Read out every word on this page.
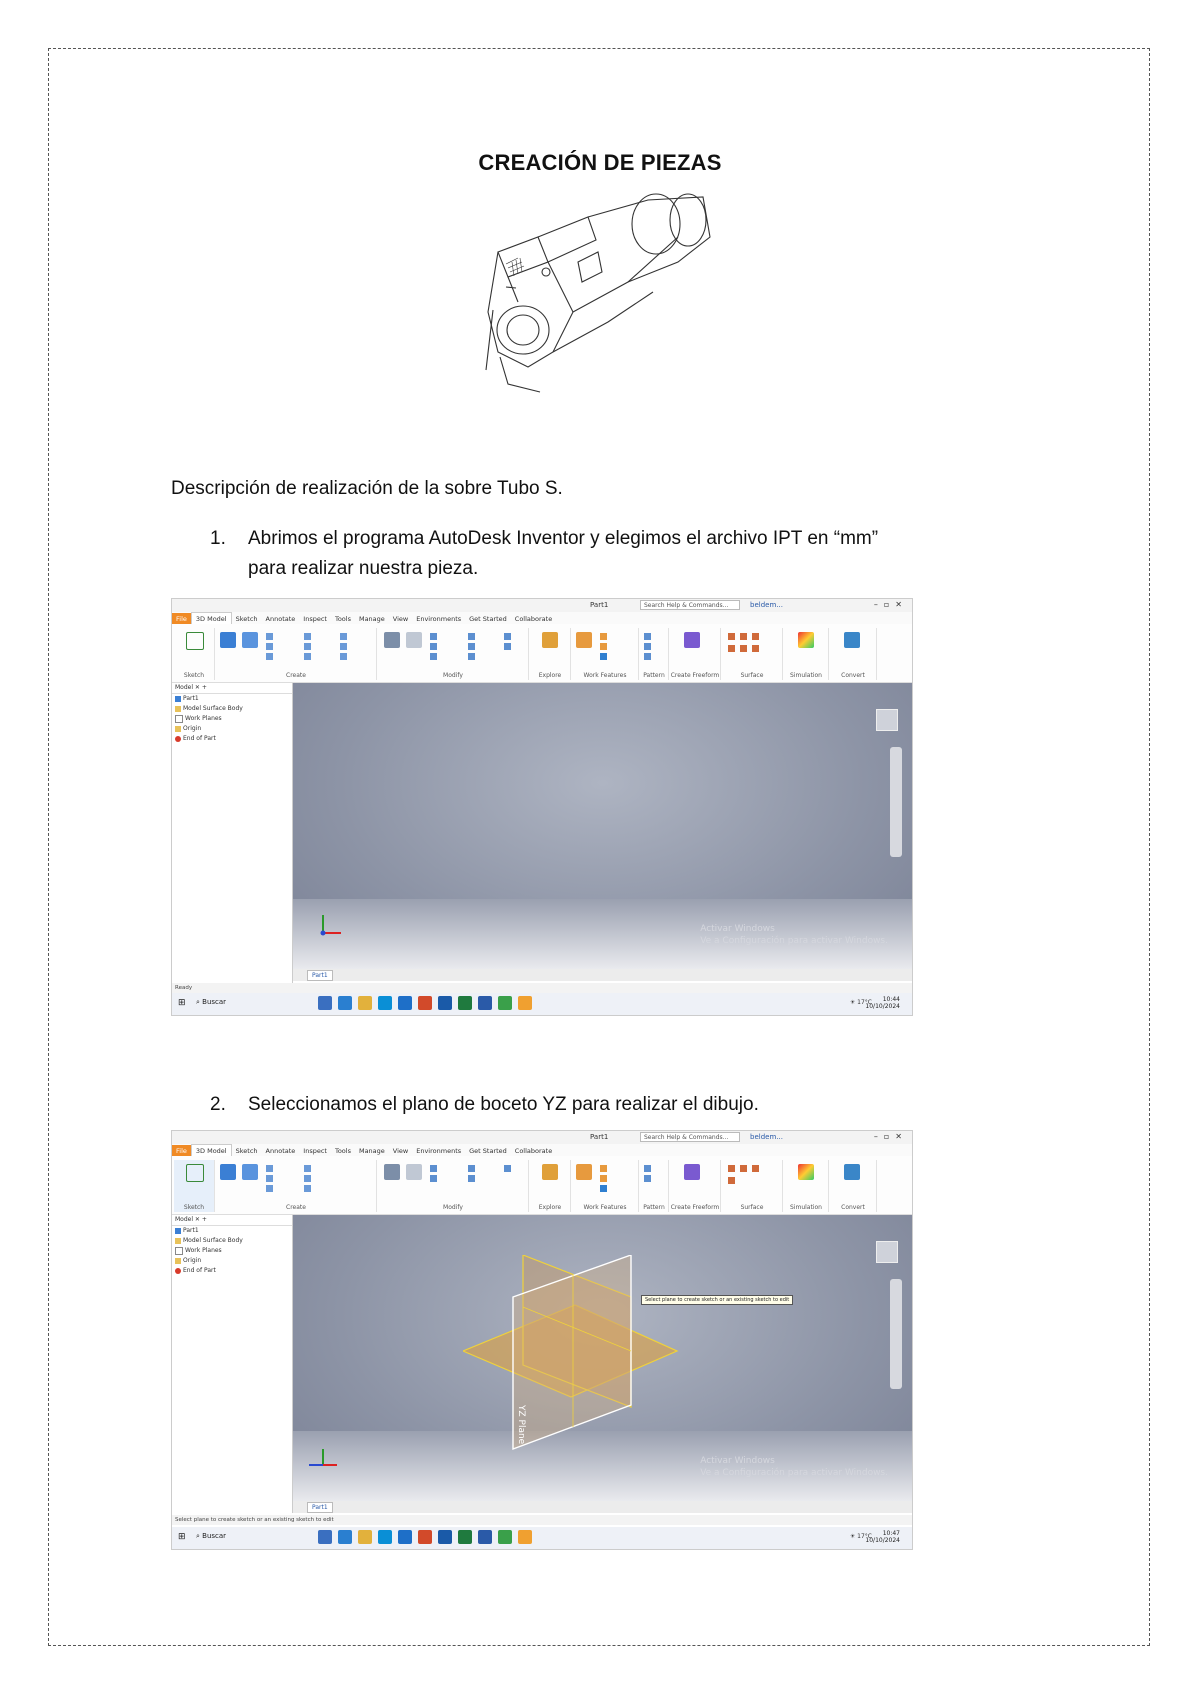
CREACIÓN DE PIEZAS
Descripción de realización de la sobre Tubo S.
1. Abrimos el programa AutoDesk Inventor y elegimos el archivo IPT en “mm”
para realizar nuestra pieza.
Part1	Search Help & Commands...	beldem...	–▫✕
File 3D Model Sketch Annotate Inspect Tools Manage View Environments Get Started Collaborate
Sketch	Create	Modify	Explore	Work Features	Pattern Create Freeform	Surface	Simulation	Convert
Model ✕ +
Part1
Model Surface Body
Work Planes
Origin
End of Part
Activar Windows
Ve a Configuración para activar Windows.
Part1
Ready
⊞ ⌕ Buscar	☀ 17°C	10:44
10/10/2024
2. Seleccionamos el plano de boceto YZ para realizar el dibujo.
Part1	Search Help & Commands...	beldem...	–▫✕
File 3D Model Sketch Annotate Inspect Tools Manage View Environments Get Started Collaborate
Sketch	Create	Modify	Explore	Work Features	Pattern Create Freeform	Surface	Simulation	Convert
Model ✕ +
Part1
Model Surface Body
Work Planes
Origin
End of Part
YZ Plane
Select plane to create sketch or an existing sketch to edit
Activar Windows
Ve a Configuración para activar Windows.
Part1
Select plane to create sketch or an existing sketch to edit
⊞ ⌕ Buscar	☀ 17°C	10:47
10/10/2024
